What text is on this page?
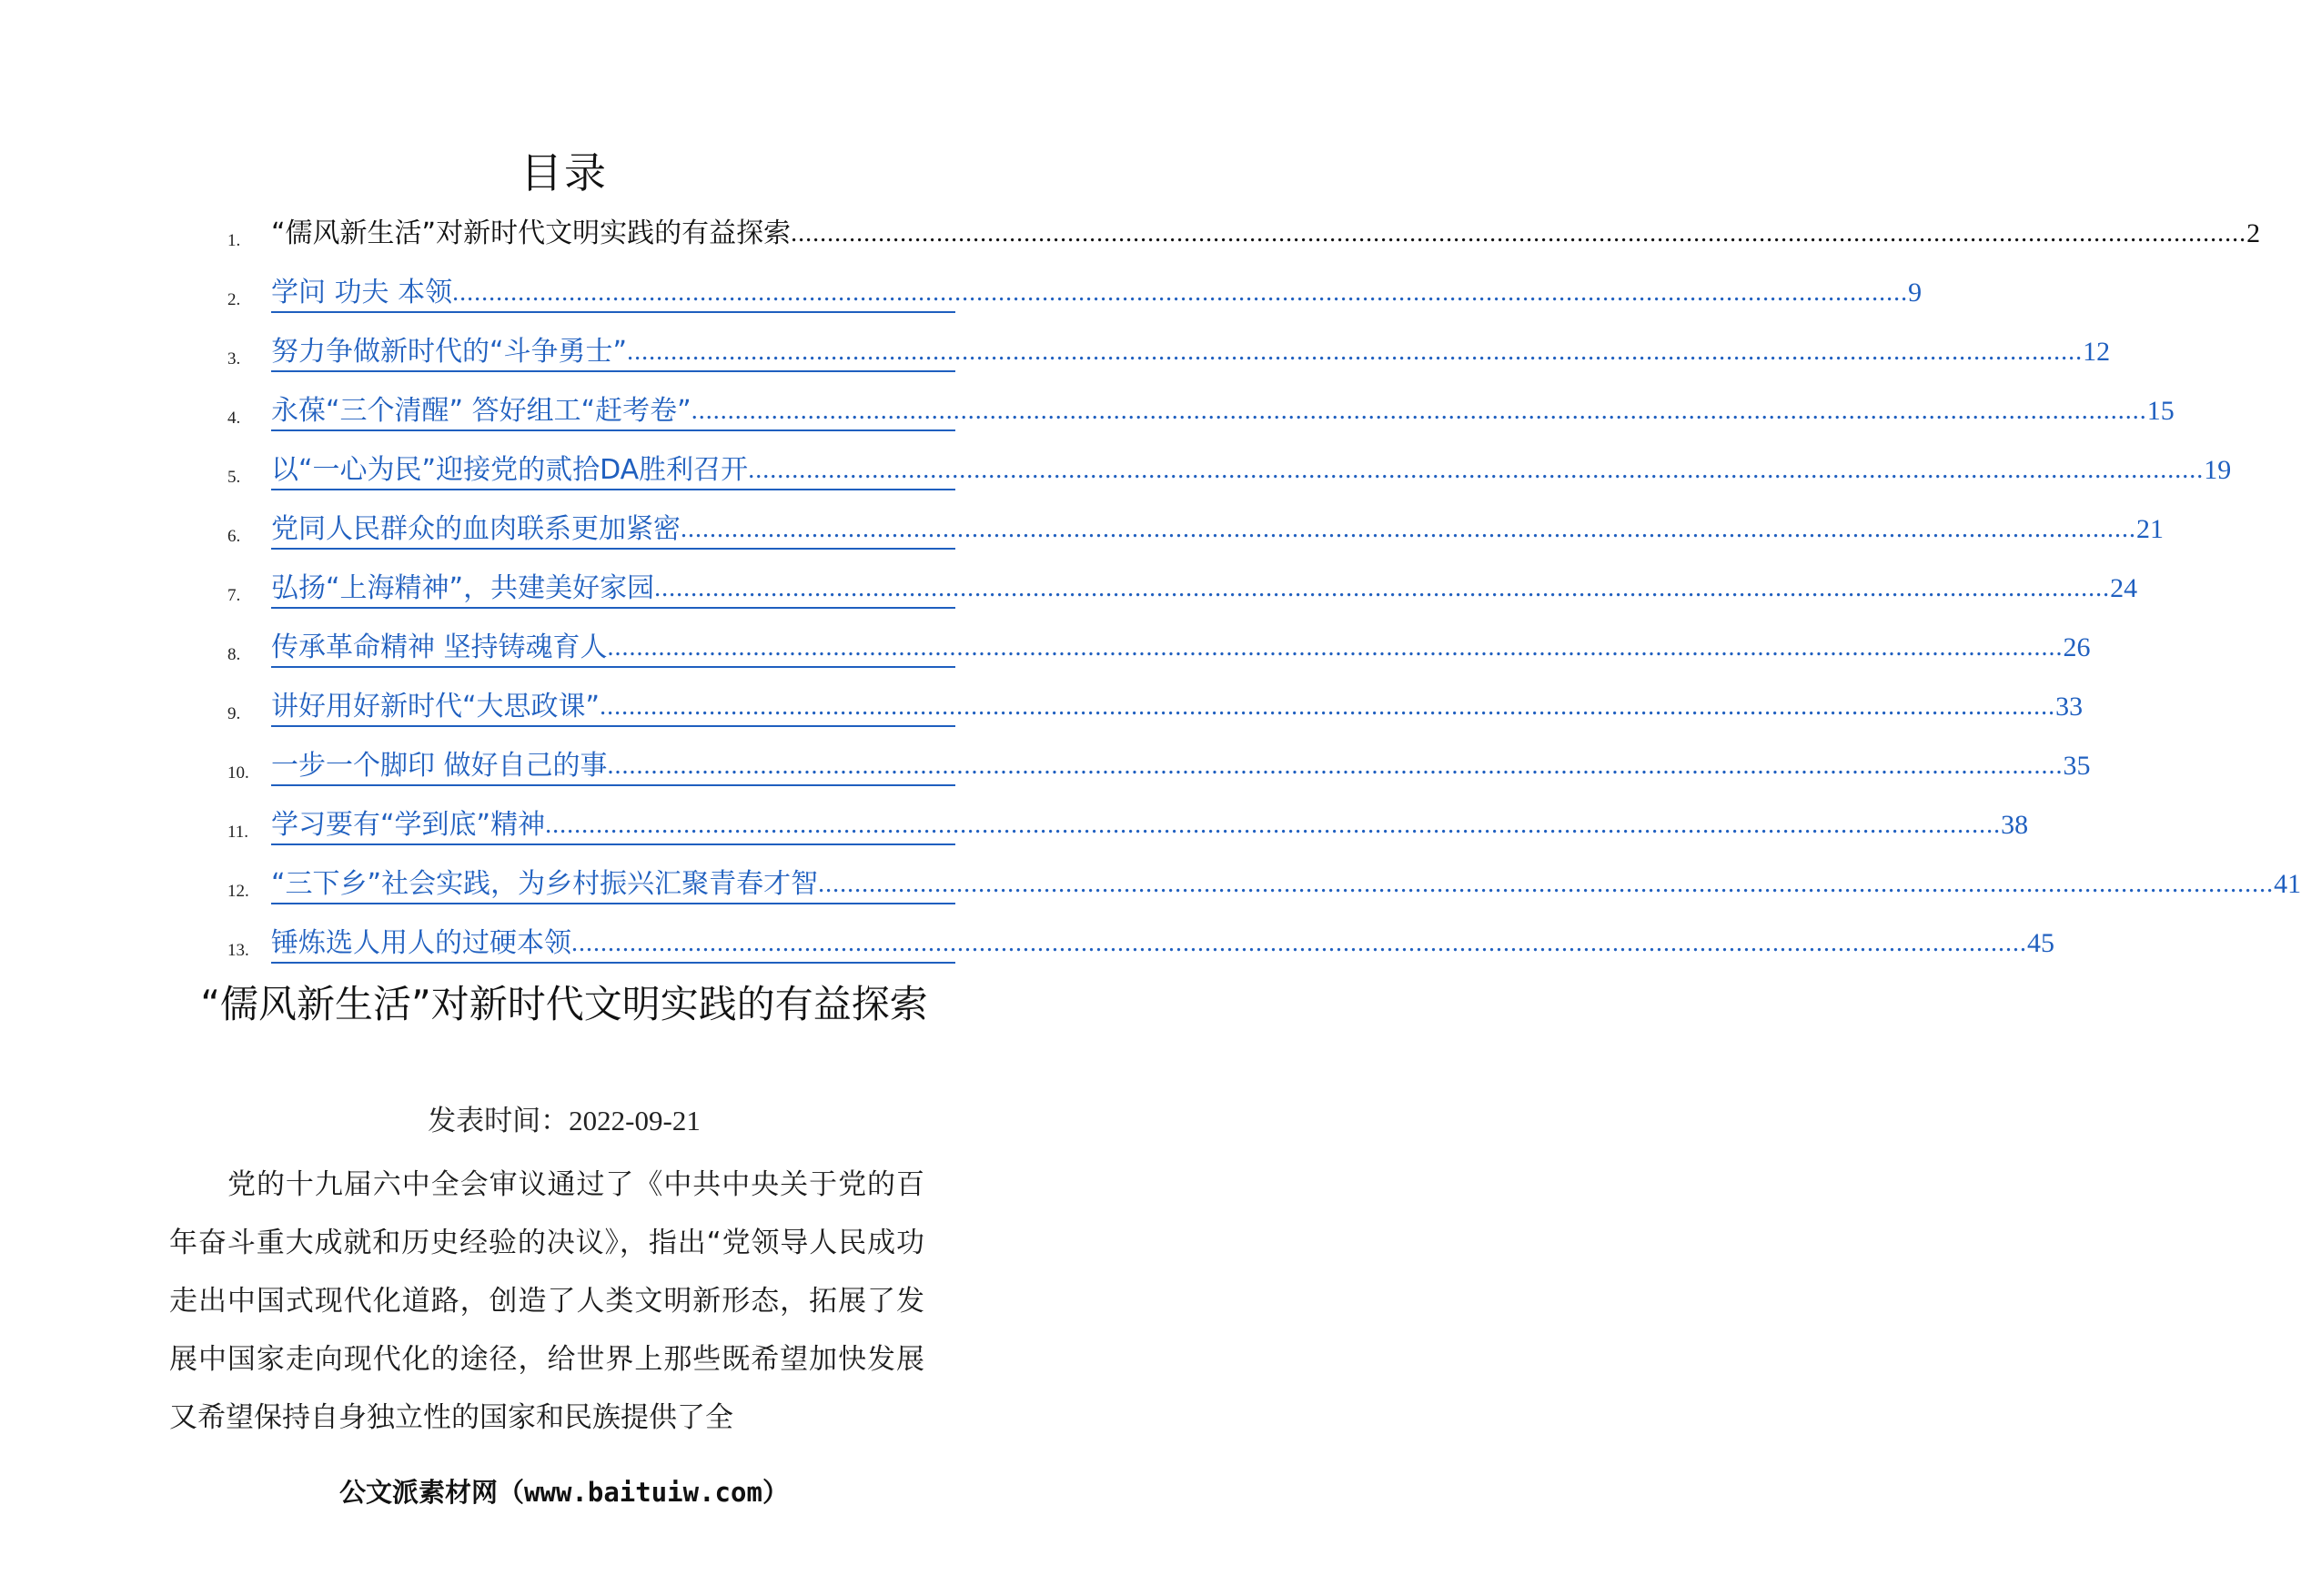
目录
1.	“儒风新生活”对新时代文明实践的有益探索 ........................................................................................................................................................................................................ 2
2.	学问 功夫 本领 ........................................................................................................................................................................................................ 9
3.	努力争做新时代的“斗争勇士” ........................................................................................................................................................................................................ 12
4.	永葆“三个清醒” 答好组工“赶考卷” ........................................................................................................................................................................................................ 15
5.	以“一心为民”迎接党的贰拾DA胜利召开 ........................................................................................................................................................................................................ 19
6.	党同人民群众的血肉联系更加紧密 ........................................................................................................................................................................................................ 21
7.	弘扬“上海精神”，共建美好家园 ........................................................................................................................................................................................................ 24
8.	传承革命精神 坚持铸魂育人 ........................................................................................................................................................................................................ 26
9.	讲好用好新时代“大思政课” ........................................................................................................................................................................................................ 33
10. 一步一个脚印 做好自己的事 ........................................................................................................................................................................................................ 35
11. 学习要有“学到底”精神 ........................................................................................................................................................................................................ 38
12. “三下乡”社会实践，为乡村振兴汇聚青春才智 ........................................................................................................................................................................................................ 41
13. 锤炼选人用人的过硬本领 ........................................................................................................................................................................................................ 45
“儒风新生活”对新时代文明实践的有益探索
发表时间：2022-09-21
党的十九届六中全会审议通过了《中共中央关于党的百年奋斗重大成就和历史经验的决议》，指出“党领导人民成功走出中国式现代化道路，创造了人类文明新形态，拓展了发展中国家走向现代化的途径，给世界上那些既希望加快发展又希望保持自身独立性的国家和民族提供了全
公文派素材网（www.baituiw.com）
